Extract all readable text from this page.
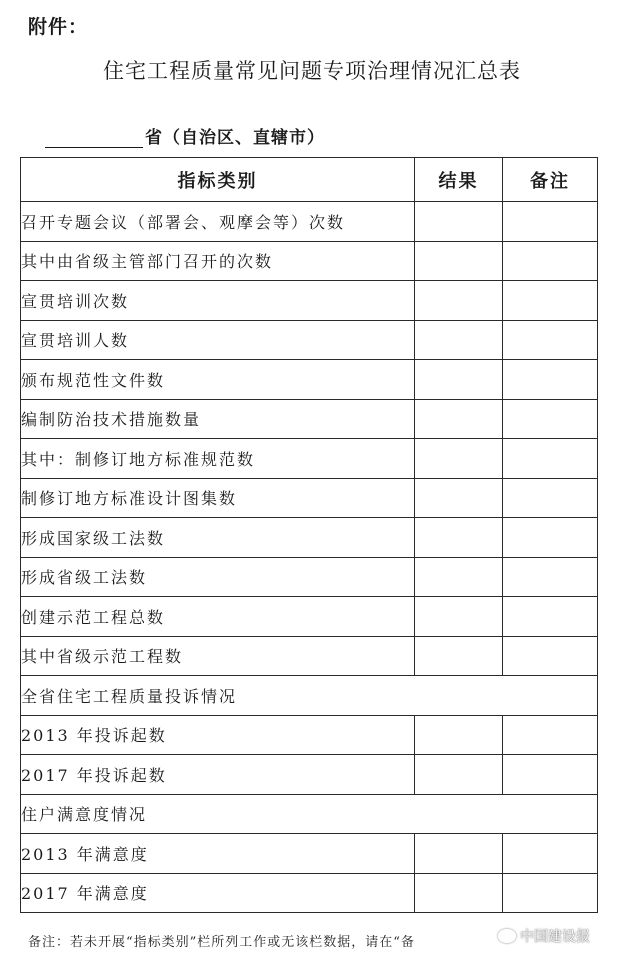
附件：
住宅工程质量常见问题专项治理情况汇总表
省（自治区、直辖市）
指标类别	结果	备注
召开专题会议（部署会、观摩会等）次数		
其中由省级主管部门召开的次数		
宣贯培训次数		
宣贯培训人数		
颁布规范性文件数		
编制防治技术措施数量		
其中：制修订地方标准规范数		
制修订地方标准设计图集数		
形成国家级工法数		
形成省级工法数		
创建示范工程总数		
其中省级示范工程数		
全省住宅工程质量投诉情况		
2013 年投诉起数		
2017 年投诉起数		
住户满意度情况		
2013 年满意度		
2017 年满意度		
备注：若未开展“指标类别”栏所列工作或无该栏数据，请在“备	中国建设报
